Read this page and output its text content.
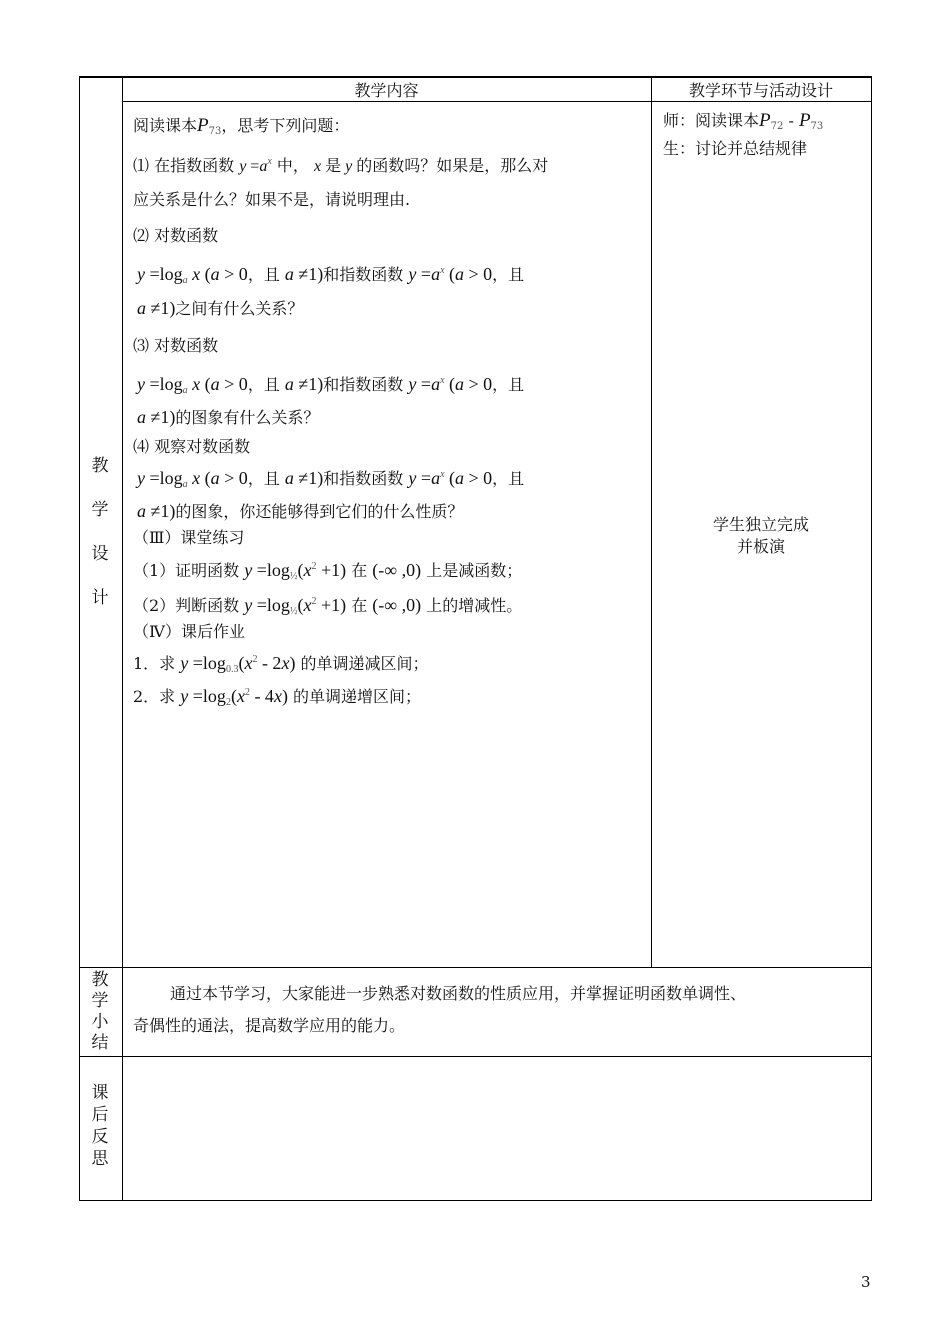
教学内容	教学环节与活动设计
教
学
设
计
教
学
小
结
课
后
反
思
阅读课本$P_{73}$，思考下列问题：
⑴ 在指数函数 $y =a^x$ 中， x 是 y 的函数吗？如果是，那么对
应关系是什么？如果不是，请说明理由.
⑵ 对数函数
$y =\log_a$ x (a > 0，且 a ≠1)和指数函数 $y =a^x$ (a > 0，且
a ≠1)之间有什么关系？
⑶ 对数函数
$y =\log_a$ x (a > 0，且 a ≠1)和指数函数 $y =a^x$ (a > 0，且
a ≠1)的图象有什么关系？
⑷ 观察对数函数
$y =\log_a$ x (a > 0，且 a ≠1)和指数函数 $y =a^x$ (a > 0，且
a ≠1)的图象，你还能够得到它们的什么性质？
（Ⅲ）课堂练习
（1）证明函数 $y =\log_{\frac{1}{2}}(x^2 +1)$ 在 (-∞ ,0) 上是减函数；
（2）判断函数 $y =\log_{\frac{1}{2}}(x^2 +1)$ 在 (-∞ ,0) 上的增减性。
（Ⅳ）课后作业
1．求 $y =\log_{0.3}(x^2 - 2x)$ 的单调递减区间；
2．求 $y =\log_2(x^2 - 4x)$ 的单调递增区间；
师：阅读课本$P_{72} - P_{73}$
生：讨论并总结规律
学生独立完成
并板演
通过本节学习，大家能进一步熟悉对数函数的性质应用，并掌握证明函数单调性、
奇偶性的通法，提高数学应用的能力。
3
